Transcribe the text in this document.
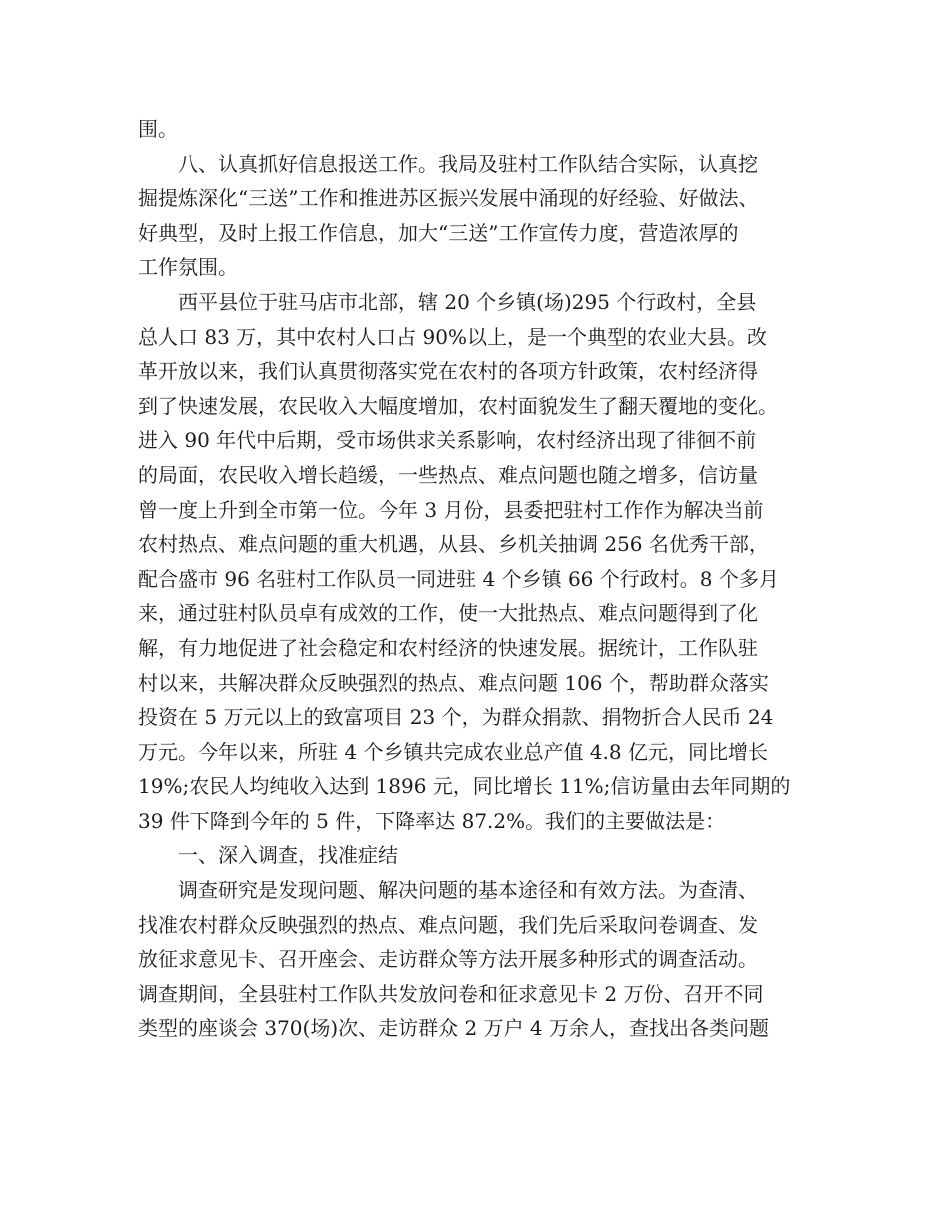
围。
八、认真抓好信息报送工作。我局及驻村工作队结合实际，认真挖
掘提炼深化“三送”工作和推进苏区振兴发展中涌现的好经验、好做法、
好典型，及时上报工作信息，加大“三送”工作宣传力度，营造浓厚的
工作氛围。
西平县位于驻马店市北部，辖 20 个乡镇(场)295 个行政村，全县
总人口 83 万，其中农村人口占 90%以上，是一个典型的农业大县。改
革开放以来，我们认真贯彻落实党在农村的各项方针政策，农村经济得
到了快速发展，农民收入大幅度增加，农村面貌发生了翻天覆地的变化。
进入 90 年代中后期，受市场供求关系影响，农村经济出现了徘徊不前
的局面，农民收入增长趋缓，一些热点、难点问题也随之增多，信访量
曾一度上升到全市第一位。今年 3 月份，县委把驻村工作作为解决当前
农村热点、难点问题的重大机遇，从县、乡机关抽调 256 名优秀干部，
配合盛市 96 名驻村工作队员一同进驻 4 个乡镇 66 个行政村。8 个多月
来，通过驻村队员卓有成效的工作，使一大批热点、难点问题得到了化
解，有力地促进了社会稳定和农村经济的快速发展。据统计，工作队驻
村以来，共解决群众反映强烈的热点、难点问题 106 个，帮助群众落实
投资在 5 万元以上的致富项目 23 个，为群众捐款、捐物折合人民币 24
万元。今年以来，所驻 4 个乡镇共完成农业总产值 4.8 亿元，同比增长
19%;农民人均纯收入达到 1896 元，同比增长 11%;信访量由去年同期的
39 件下降到今年的 5 件，下降率达 87.2%。我们的主要做法是：
一、深入调查，找准症结
调查研究是发现问题、解决问题的基本途径和有效方法。为查清、
找准农村群众反映强烈的热点、难点问题，我们先后采取问卷调查、发
放征求意见卡、召开座会、走访群众等方法开展多种形式的调查活动。
调查期间，全县驻村工作队共发放问卷和征求意见卡 2 万份、召开不同
类型的座谈会 370(场)次、走访群众 2 万户 4 万余人，查找出各类问题
